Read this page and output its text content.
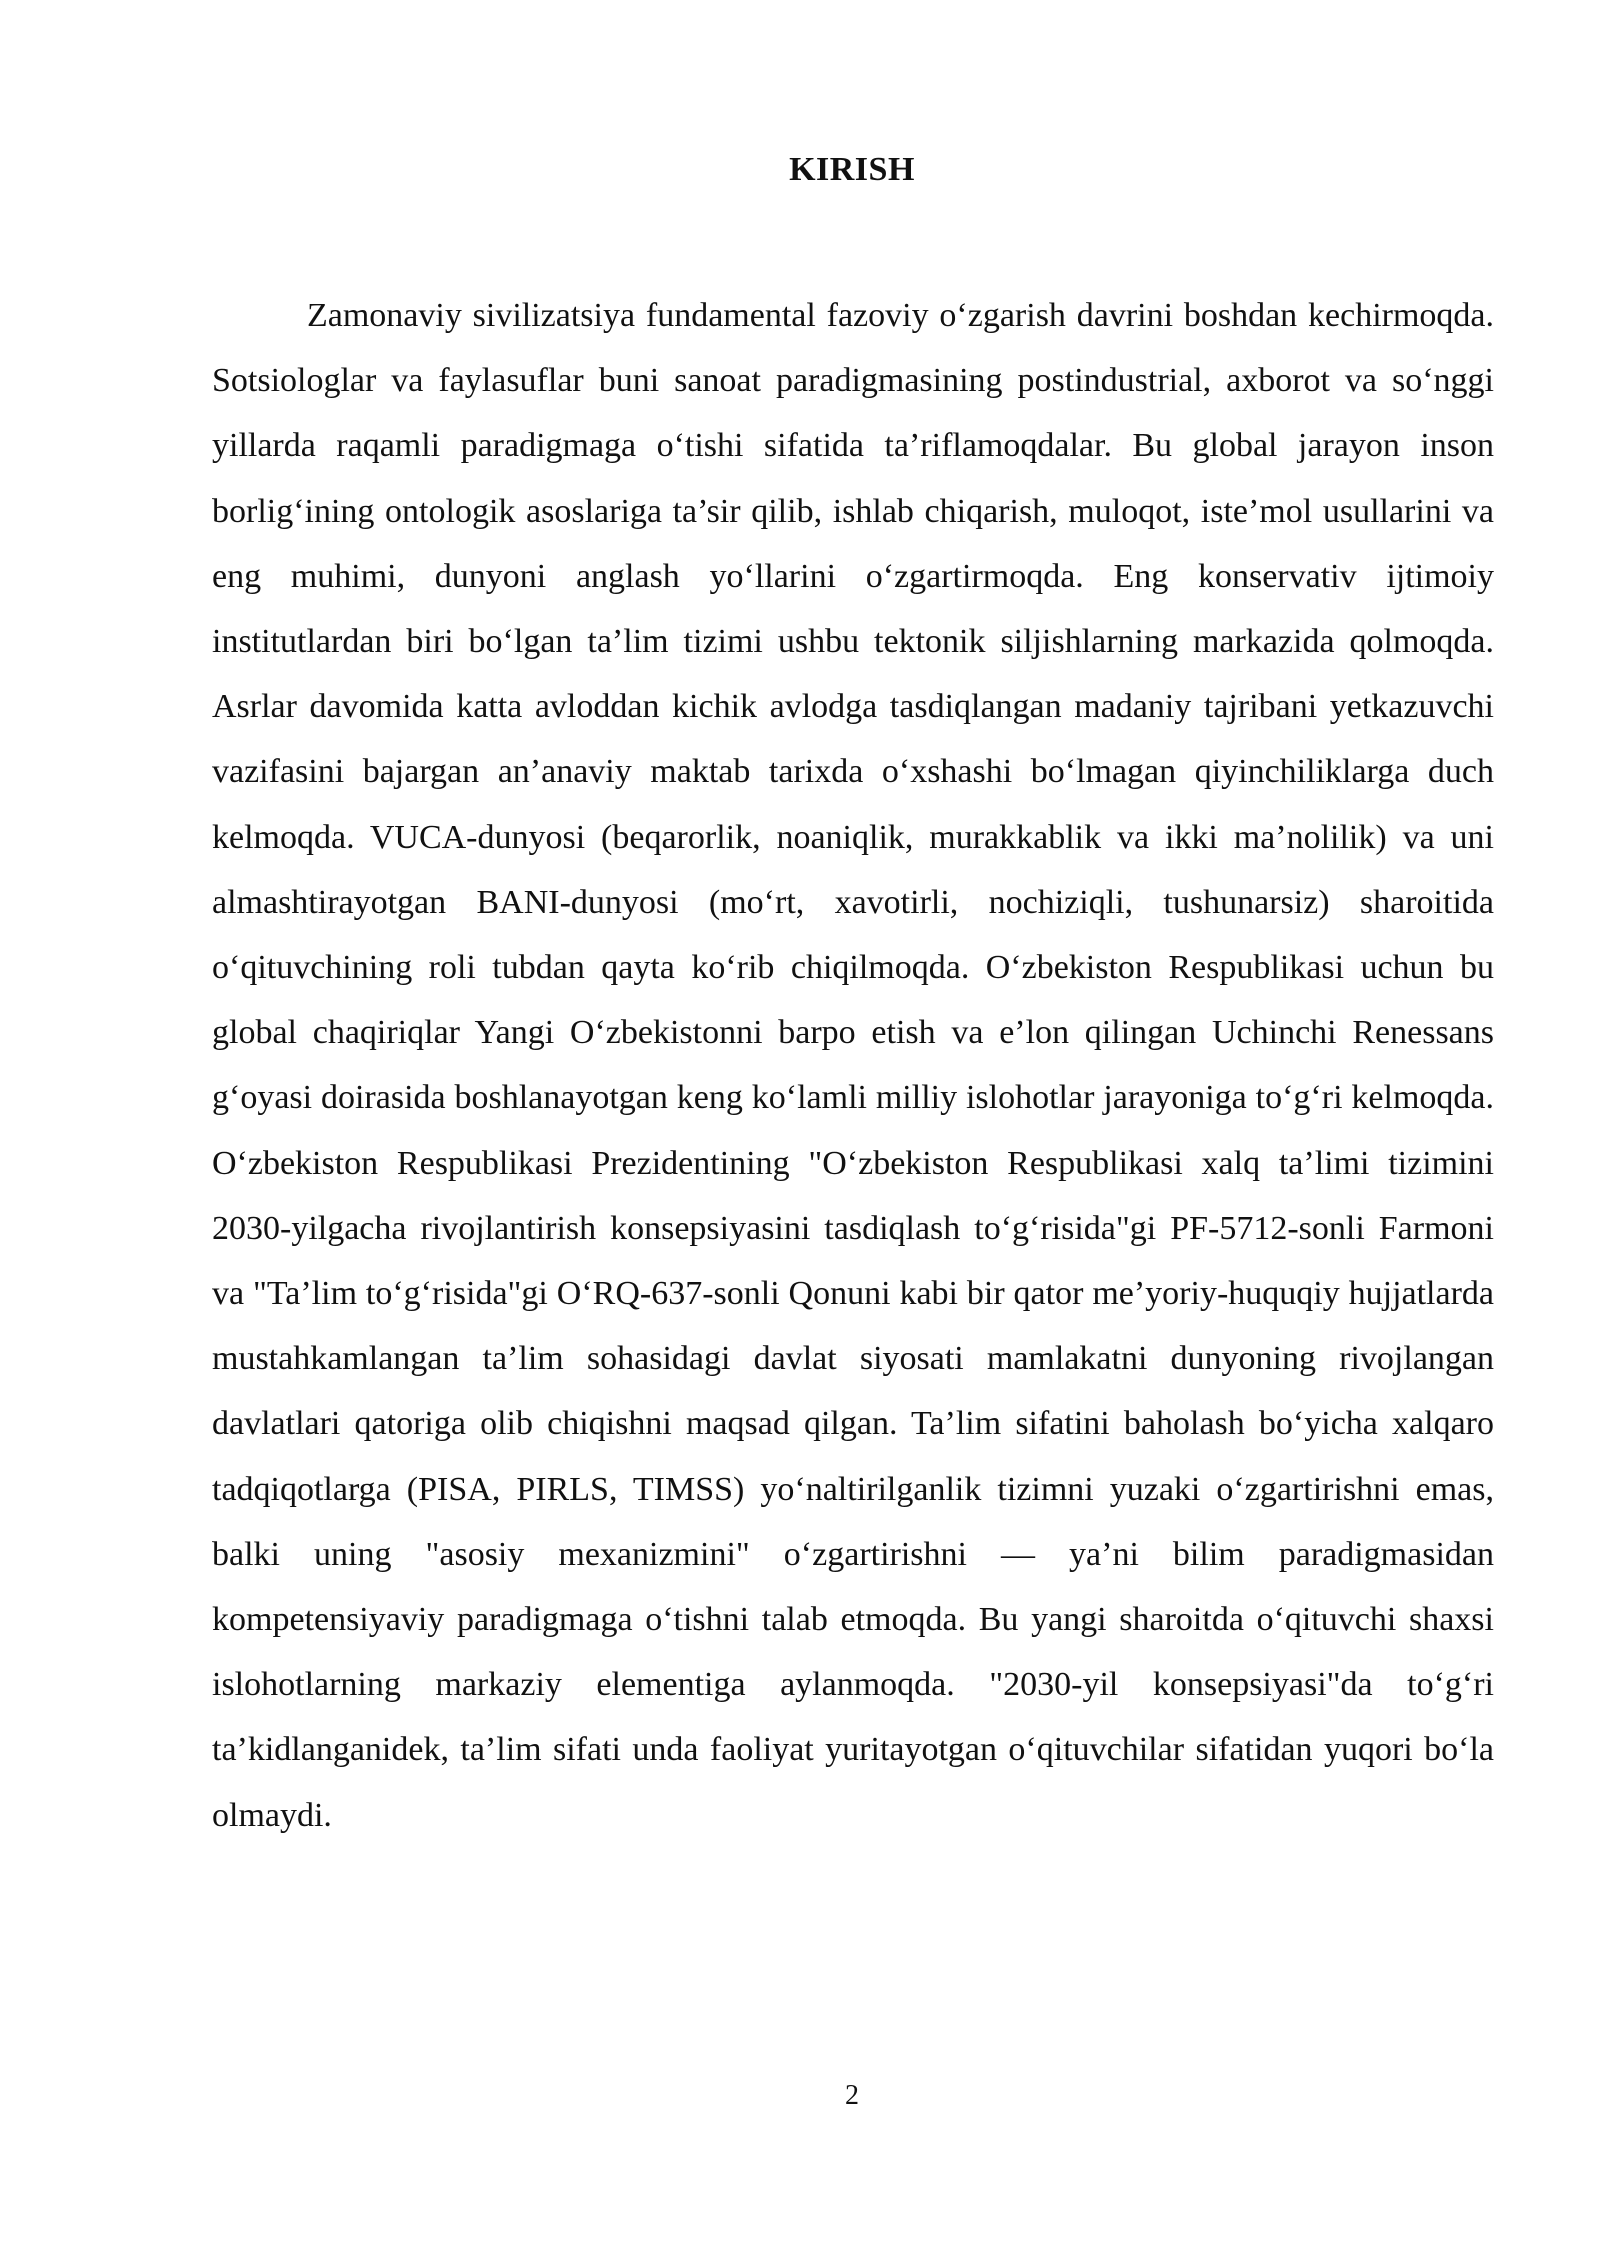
KIRISH

Zamonaviy sivilizatsiya fundamental fazoviy o‘zgarish davrini boshdan kechirmoqda. Sotsiologlar va faylasuflar buni sanoat paradigmasining postindustrial, axborot va so‘nggi yillarda raqamli paradigmaga o‘tishi sifatida ta’riflamoqdalar. Bu global jarayon inson borlig‘ining ontologik asoslariga ta’sir qilib, ishlab chiqarish, muloqot, iste’mol usullarini va eng muhimi, dunyoni anglash yo‘llarini o‘zgartirmoqda. Eng konservativ ijtimoiy institutlardan biri bo‘lgan ta’lim tizimi ushbu tektonik siljishlarning markazida qolmoqda. Asrlar davomida katta avloddan kichik avlodga tasdiqlangan madaniy tajribani yetkazuvchi vazifasini bajargan an’anaviy maktab tarixda o‘xshashi bo‘lmagan qiyinchiliklarga duch kelmoqda. VUCA-dunyosi (beqarorlik, noaniqlik, murakkablik va ikki ma’nolilik) va uni almashtirayotgan BANI-dunyosi (mo‘rt, xavotirli, nochiziqli, tushunarsiz) sharoitida o‘qituvchining roli tubdan qayta ko‘rib chiqilmoqda. O‘zbekiston Respublikasi uchun bu global chaqiriqlar Yangi O‘zbekistonni barpo etish va e’lon qilingan Uchinchi Renessans g‘oyasi doirasida boshlanayotgan keng ko‘lamli milliy islohotlar jarayoniga to‘g‘ri kelmoqda. O‘zbekiston Respublikasi Prezidentining "O‘zbekiston Respublikasi xalq ta’limi tizimini 2030-yilgacha rivojlantirish konsepsiyasini tasdiqlash to‘g‘risida"gi PF-5712-sonli Farmoni va "Ta’lim to‘g‘risida"gi O‘RQ-637-sonli Qonuni kabi bir qator me’yoriy-huquqiy hujjatlarda mustahkamlangan ta’lim sohasidagi davlat siyosati mamlakatni dunyoning rivojlangan davlatlari qatoriga olib chiqishni maqsad qilgan. Ta’lim sifatini baholash bo‘yicha xalqaro tadqiqotlarga (PISA, PIRLS, TIMSS) yo‘naltirilganlik tizimni yuzaki o‘zgartirishni emas, balki uning "asosiy mexanizmini" o‘zgartirishni — ya’ni bilim paradigmasidan kompetensiyaviy paradigmaga o‘tishni talab etmoqda. Bu yangi sharoitda o‘qituvchi shaxsi islohotlarning markaziy elementiga aylanmoqda. "2030-yil konsepsiyasi"da to‘g‘ri ta’kidlanganidek, ta’lim sifati unda faoliyat yuritayotgan o‘qituvchilar sifatidan yuqori bo‘la olmaydi.

2
